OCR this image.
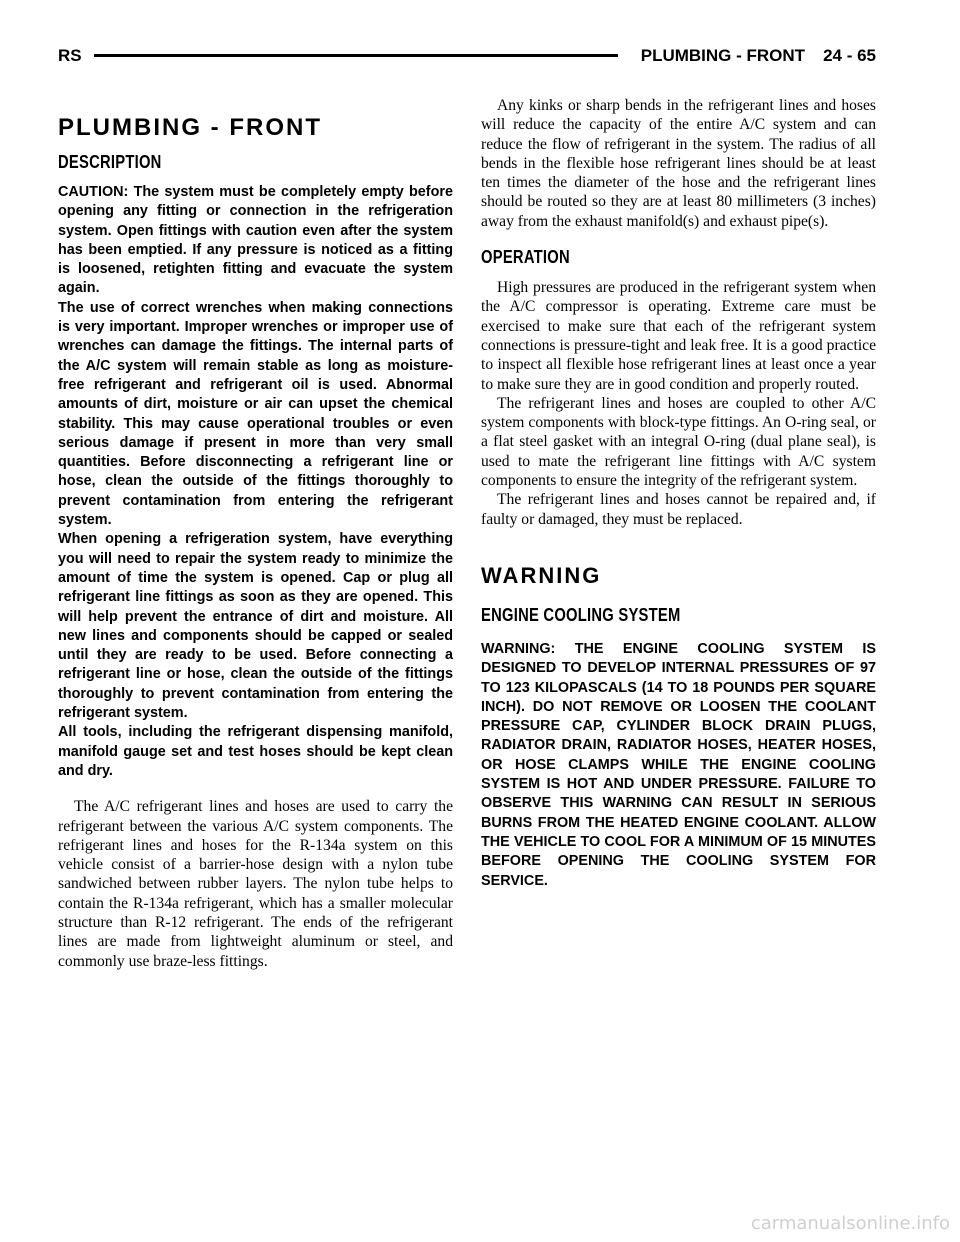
RS	PLUMBING - FRONT 24 - 65
PLUMBING - FRONT
DESCRIPTION
CAUTION: The system must be completely empty before opening any fitting or connection in the refrigeration system. Open fittings with caution even after the system has been emptied. If any pressure is noticed as a fitting is loosened, retighten fitting and evacuate the system again.
The use of correct wrenches when making connections is very important. Improper wrenches or improper use of wrenches can damage the fittings. The internal parts of the A/C system will remain stable as long as moisture-free refrigerant and refrigerant oil is used. Abnormal amounts of dirt, moisture or air can upset the chemical stability. This may cause operational troubles or even serious damage if present in more than very small quantities. Before disconnecting a refrigerant line or hose, clean the outside of the fittings thoroughly to prevent contamination from entering the refrigerant system.
When opening a refrigeration system, have everything you will need to repair the system ready to minimize the amount of time the system is opened. Cap or plug all refrigerant line fittings as soon as they are opened. This will help prevent the entrance of dirt and moisture. All new lines and components should be capped or sealed until they are ready to be used. Before connecting a refrigerant line or hose, clean the outside of the fittings thoroughly to prevent contamination from entering the refrigerant system.
All tools, including the refrigerant dispensing manifold, manifold gauge set and test hoses should be kept clean and dry.

The A/C refrigerant lines and hoses are used to carry the refrigerant between the various A/C system components. The refrigerant lines and hoses for the R-134a system on this vehicle consist of a barrier-hose design with a nylon tube sandwiched between rubber layers. The nylon tube helps to contain the R-134a refrigerant, which has a smaller molecular structure than R-12 refrigerant. The ends of the refrigerant lines are made from lightweight aluminum or steel, and commonly use braze-less fittings.

Any kinks or sharp bends in the refrigerant lines and hoses will reduce the capacity of the entire A/C system and can reduce the flow of refrigerant in the system. The radius of all bends in the flexible hose refrigerant lines should be at least ten times the diameter of the hose and the refrigerant lines should be routed so they are at least 80 millimeters (3 inches) away from the exhaust manifold(s) and exhaust pipe(s).

OPERATION

High pressures are produced in the refrigerant system when the A/C compressor is operating. Extreme care must be exercised to make sure that each of the refrigerant system connections is pressure-tight and leak free. It is a good practice to inspect all flexible hose refrigerant lines at least once a year to make sure they are in good condition and properly routed.

The refrigerant lines and hoses are coupled to other A/C system components with block-type fittings. An O-ring seal, or a flat steel gasket with an integral O-ring (dual plane seal), is used to mate the refrigerant line fittings with A/C system components to ensure the integrity of the refrigerant system.

The refrigerant lines and hoses cannot be repaired and, if faulty or damaged, they must be replaced.

WARNING
ENGINE COOLING SYSTEM
WARNING: THE ENGINE COOLING SYSTEM IS DESIGNED TO DEVELOP INTERNAL PRESSURES OF 97 TO 123 KILOPASCALS (14 TO 18 POUNDS PER SQUARE INCH). DO NOT REMOVE OR LOOSEN THE COOLANT PRESSURE CAP, CYLINDER BLOCK DRAIN PLUGS, RADIATOR DRAIN, RADIATOR HOSES, HEATER HOSES, OR HOSE CLAMPS WHILE THE ENGINE COOLING SYSTEM IS HOT AND UNDER PRESSURE. FAILURE TO OBSERVE THIS WARNING CAN RESULT IN SERIOUS BURNS FROM THE HEATED ENGINE COOLANT. ALLOW THE VEHICLE TO COOL FOR A MINIMUM OF 15 MINUTES BEFORE OPENING THE COOLING SYSTEM FOR SERVICE.
carmanualsonline.info
